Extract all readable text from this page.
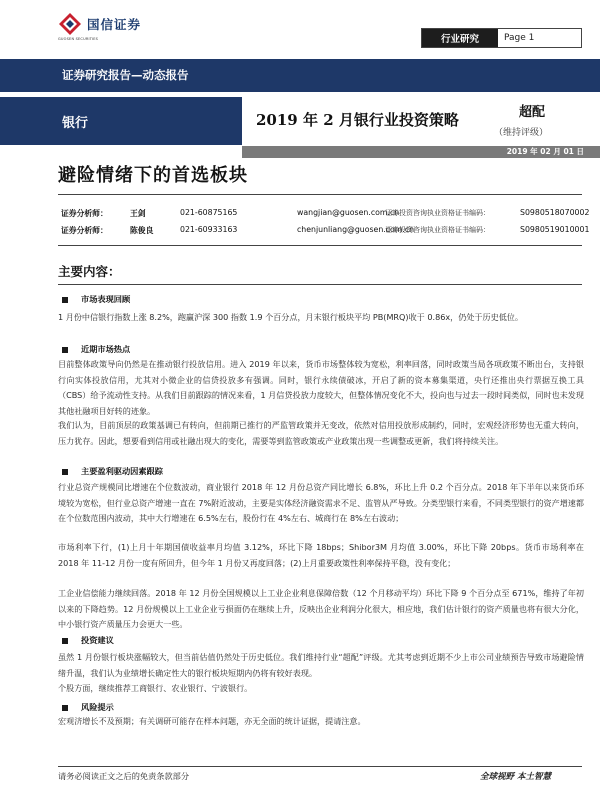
国信证券
GUOSEN SECURITIES	行业研究	Page 1
证券研究报告—动态报告
银行	2019 年 2 月银行业投资策略	超配
（维持评级）
2019 年 02 月 01 日
避险情绪下的首选板块
证券分析师：	王剑	021-60875165	wangjian@guosen.com.cn
证券投资咨询执业资格证书编码：	S0980518070002
证券分析师：	陈俊良	021-60933163	chenjunliang@guosen.com.cn
证券投资咨询执业资格证书编码：	S0980519010001
主要内容：
市场表现回顾
1 月份中信银行指数上涨 8.2%，跑赢沪深 300 指数 1.9 个百分点，月末银行板块平均 PB(MRQ)收于 0.86x，仍处于历史低位。
近期市场热点
目前整体政策导向仍然是在推动银行投放信用。进入 2019 年以来，货币市场整体较为宽松，利率回落，同时政策当局各项政策不断出台，支持银行向实体投放信用，尤其对小微企业的信贷投放多有强调。同时，银行永续债破冰，开启了新的资本募集渠道，央行还推出央行票据互换工具（CBS）给予流动性支持。从我们目前跟踪的情况来看，1 月信贷投放力度较大，但整体情况变化不大，投向也与过去一段时间类似，同时也未发现其他社融项目好转的迹象。
我们认为，目前顶层的政策基调已有转向，但前期已推行的严监管政策并无变改，依然对信用投放形成制约，同时，宏观经济形势也无重大转向，压力犹存。因此，想要看到信用或社融出现大的变化，需要等到监管政策或产业政策出现一些调整或更新，我们将持续关注。
主要盈利驱动因素跟踪
行业总资产规模同比增速在个位数波动，商业银行 2018 年 12 月份总资产同比增长 6.8%，环比上升 0.2 个百分点。2018 年下半年以来货币环境较为宽松，但行业总资产增速一直在 7%附近波动，主要是实体经济融资需求不足、监管从严导致。分类型银行来看，不同类型银行的资产增速都在个位数范围内波动，其中大行增速在 6.5%左右，股份行在 4%左右、城商行在 8%左右波动；
市场利率下行，(1)上月十年期国债收益率月均值 3.12%，环比下降 18bps；Shibor3M 月均值 3.00%，环比下降 20bps。货币市场利率在 2018 年 11-12 月份一度有所回升，但今年 1 月份又再度回落；(2)上月重要政策性利率保持平稳，没有变化；
工企业信偿能力继续回落。2018 年 12 月份全国规模以上工业企业利息保障倍数（12 个月移动平均）环比下降 9 个百分点至 671%，维持了年初以来的下降趋势。12 月份规模以上工业企业亏损面仍在继续上升，反映出企业利润分化很大，相应地，我们估计银行的资产质量也将有很大分化，中小银行资产质量压力会更大一些。
投资建议
虽然 1 月份银行板块涨幅较大，但当前估值仍然处于历史低位。我们维持行业“超配”评级。尤其考虑到近期不少上市公司业绩预告导致市场避险情绪升温，我们认为业绩增长确定性大的银行板块短期内仍将有较好表现。
个股方面，继续推荐工商银行、农业银行、宁波银行。
风险提示
宏观济增长不及预期；有关调研可能存在样本问题，亦无全面的统计证据，提请注意。
请务必阅读正文之后的免责条款部分	全球视野 本土智慧
